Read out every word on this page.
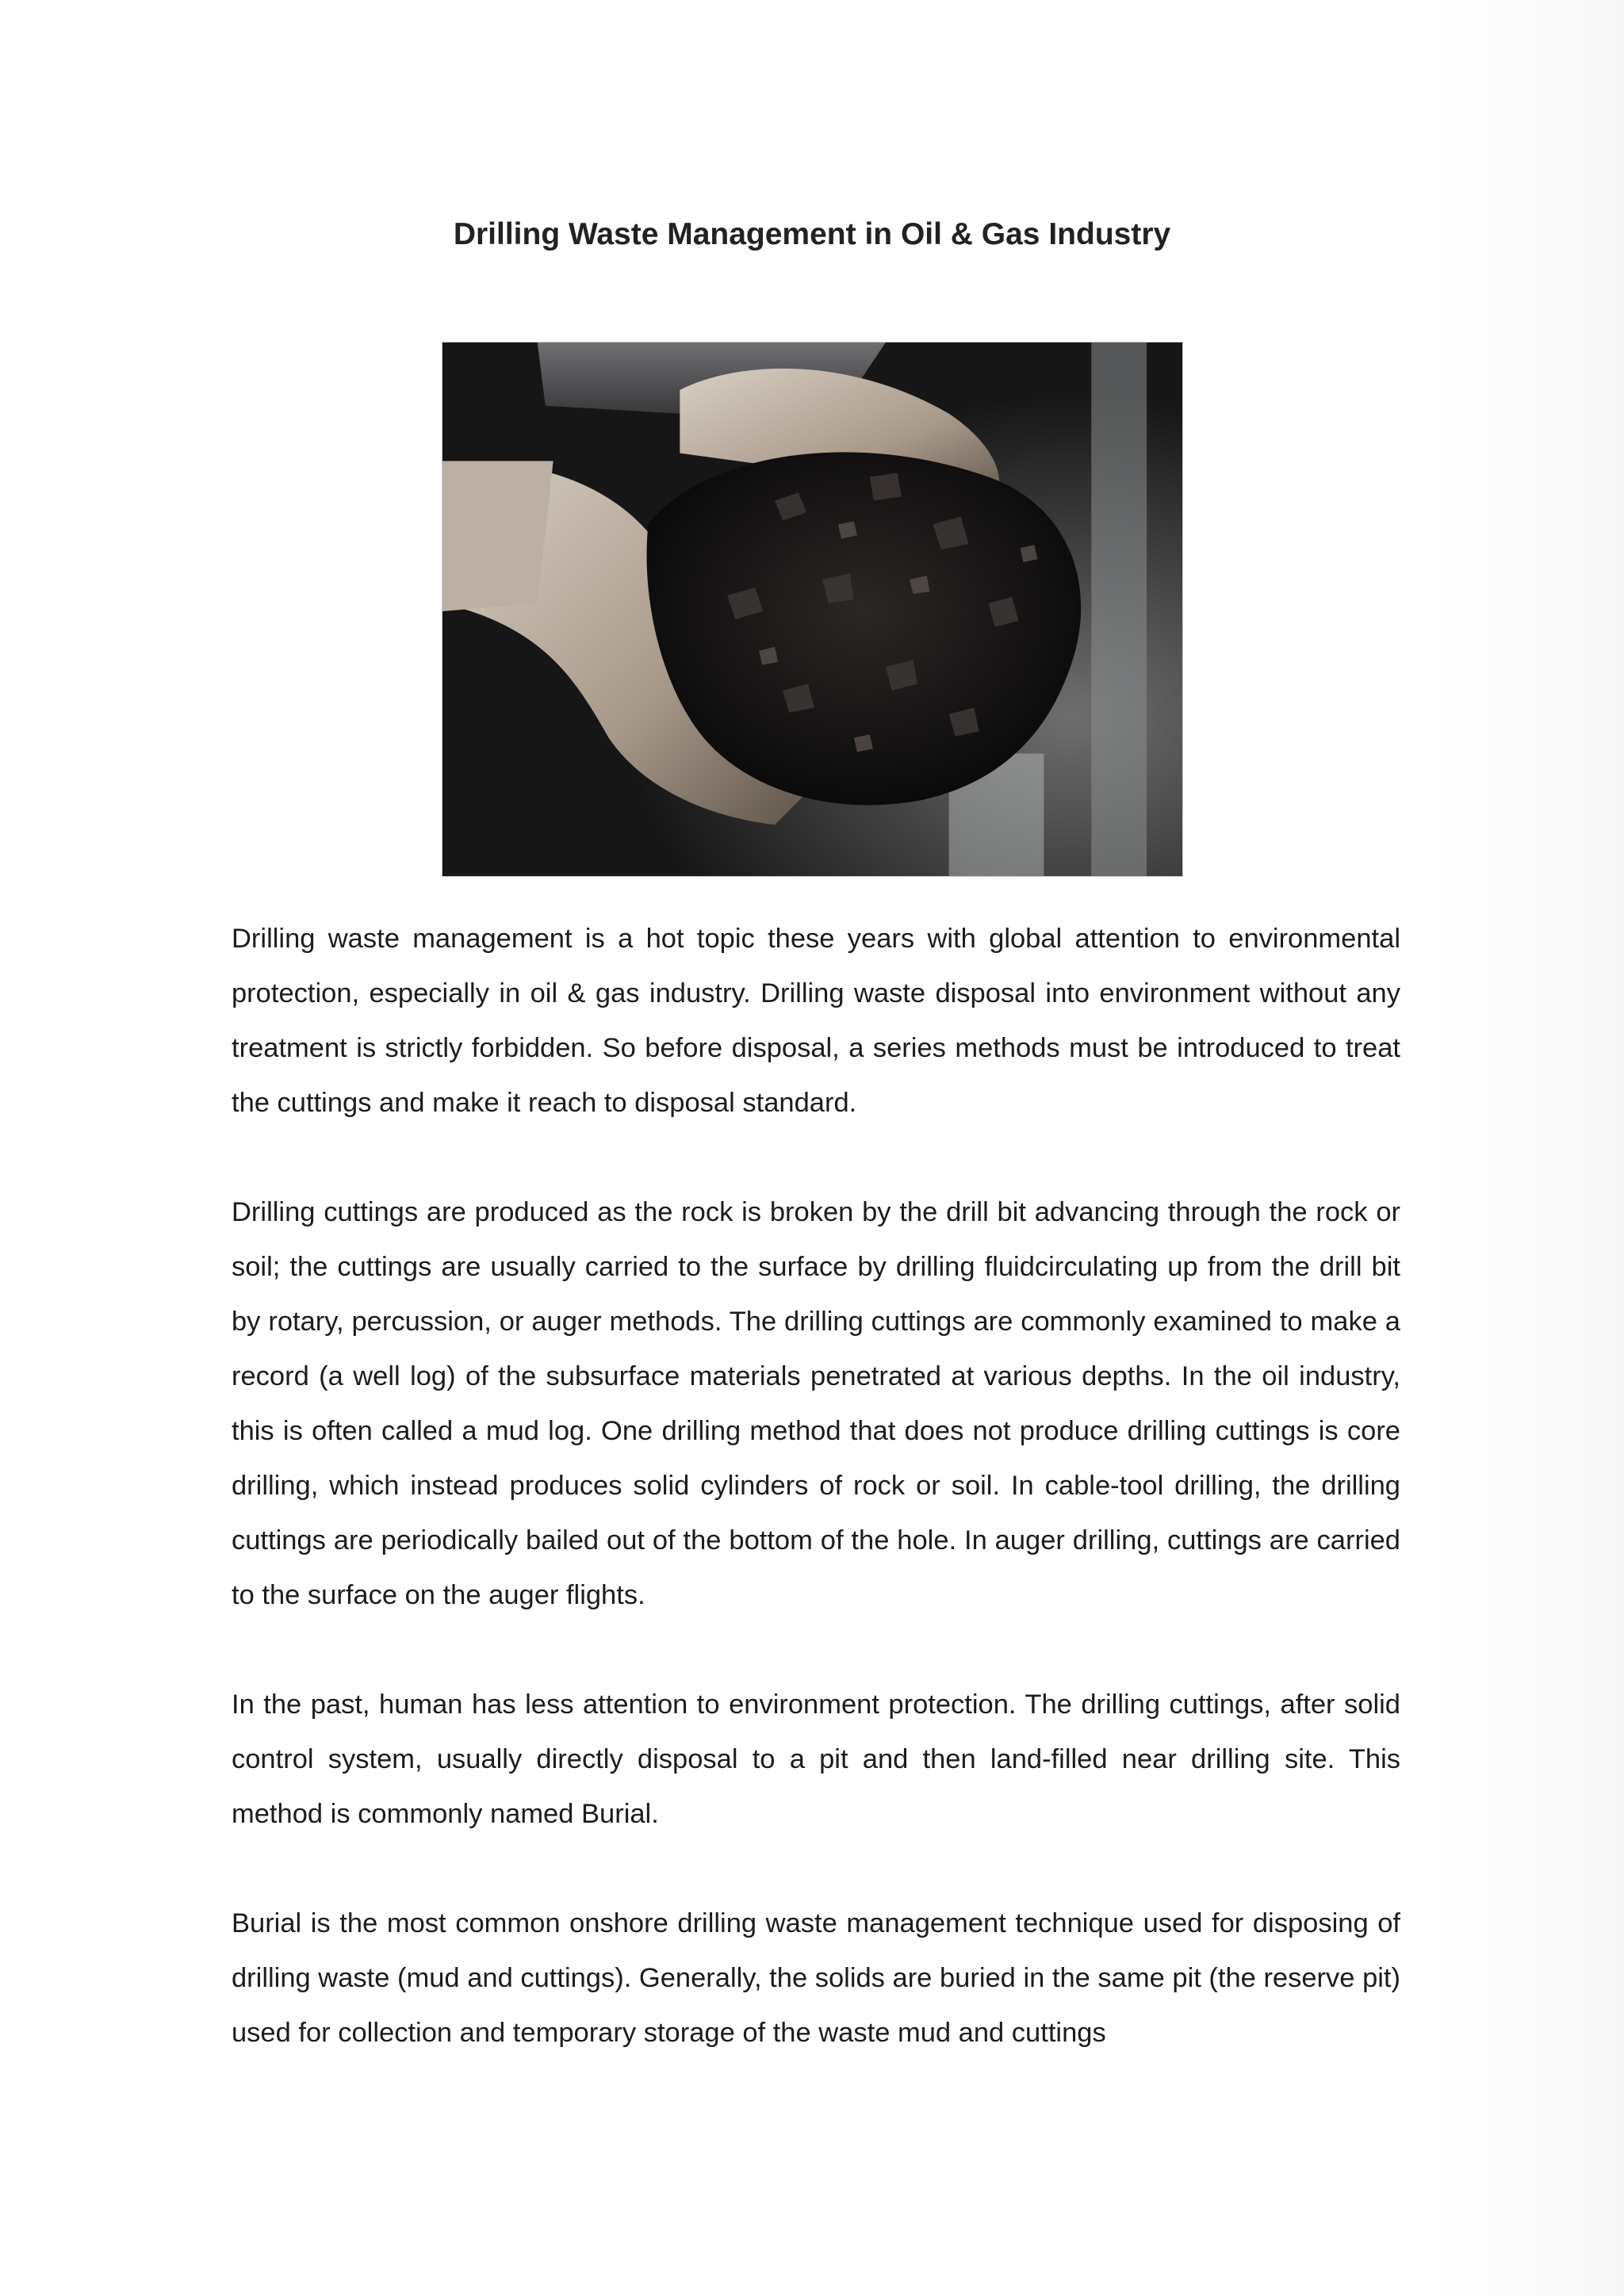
Drilling Waste Management in Oil & Gas Industry

Drilling waste management is a hot topic these years with global attention to environmental protection, especially in oil & gas industry. Drilling waste disposal into environment without any treatment is strictly forbidden. So before disposal, a series methods must be introduced to treat the cuttings and make it reach to disposal standard.

Drilling cuttings are produced as the rock is broken by the drill bit advancing through the rock or soil; the cuttings are usually carried to the surface by drilling fluidcirculating up from the drill bit by rotary, percussion, or auger methods. The drilling cuttings are commonly examined to make a record (a well log) of the subsurface materials penetrated at various depths. In the oil industry, this is often called a mud log. One drilling method that does not produce drilling cuttings is core drilling, which instead produces solid cylinders of rock or soil. In cable-tool drilling, the drilling cuttings are periodically bailed out of the bottom of the hole. In auger drilling, cuttings are carried to the surface on the auger flights.

In the past, human has less attention to environment protection. The drilling cuttings, after solid control system, usually directly disposal to a pit and then land-filled near drilling site. This method is commonly named Burial.

Burial is the most common onshore drilling waste management technique used for disposing of drilling waste (mud and cuttings). Generally, the solids are buried in the same pit (the reserve pit) used for collection and temporary storage of the waste mud and cuttings
